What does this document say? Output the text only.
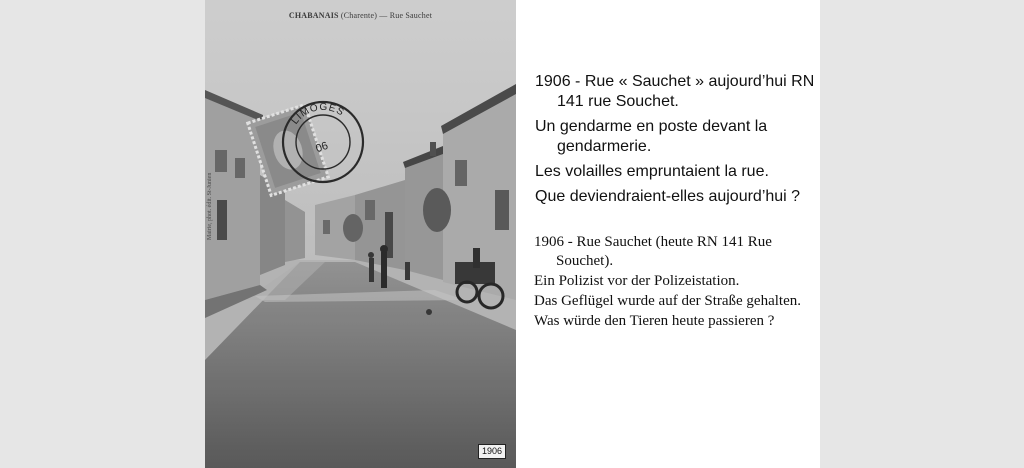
LIMOGES
06
CHABANAIS (Charente) — Rue Sauchet
Mairie, phot. édit. St-Junien
1906

1906 - Rue « Sauchet » aujourd’hui RN 141 rue Souchet.

Un gendarme en poste devant la gendarmerie.

Les volailles empruntaient la rue.

Que deviendraient-elles aujourd’hui ?

1906 - Rue Sauchet (heute RN 141 Rue Souchet).

Ein Polizist vor der Polizeistation.

Das Geflügel wurde auf der Straße gehalten.

Was würde den Tieren heute passieren ?
